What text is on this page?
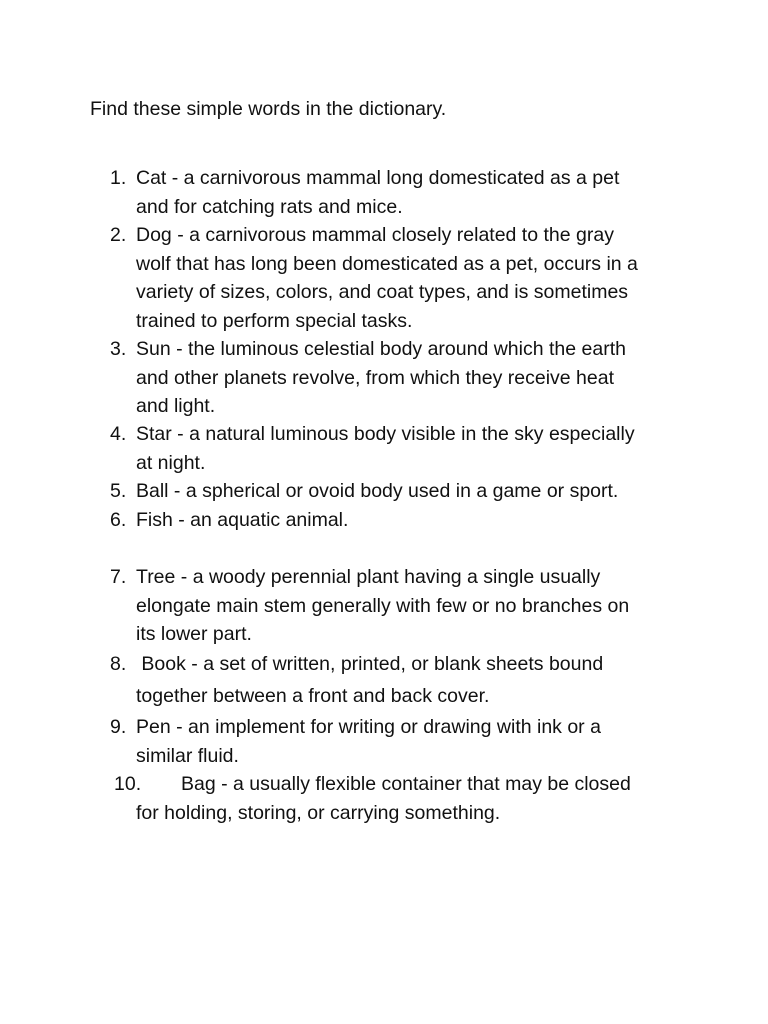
Find these simple words in the dictionary.
1. Cat - a carnivorous mammal long domesticated as a pet
and for catching rats and mice.
2. Dog - a carnivorous mammal closely related to the gray
wolf that has long been domesticated as a pet, occurs in a
variety of sizes, colors, and coat types, and is sometimes
trained to perform special tasks.
3. Sun - the luminous celestial body around which the earth
and other planets revolve, from which they receive heat
and light.
4. Star - a natural luminous body visible in the sky especially
at night.
5. Ball - a spherical or ovoid body used in a game or sport.
6. Fish - an aquatic animal.
7. Tree - a woody perennial plant having a single usually
elongate main stem generally with few or no branches on
its lower part.
8. Book - a set of written, printed, or blank sheets bound
together between a front and back cover.
9. Pen - an implement for writing or drawing with ink or a
similar fluid.
10. Bag - a usually flexible container that may be closed
for holding, storing, or carrying something.
